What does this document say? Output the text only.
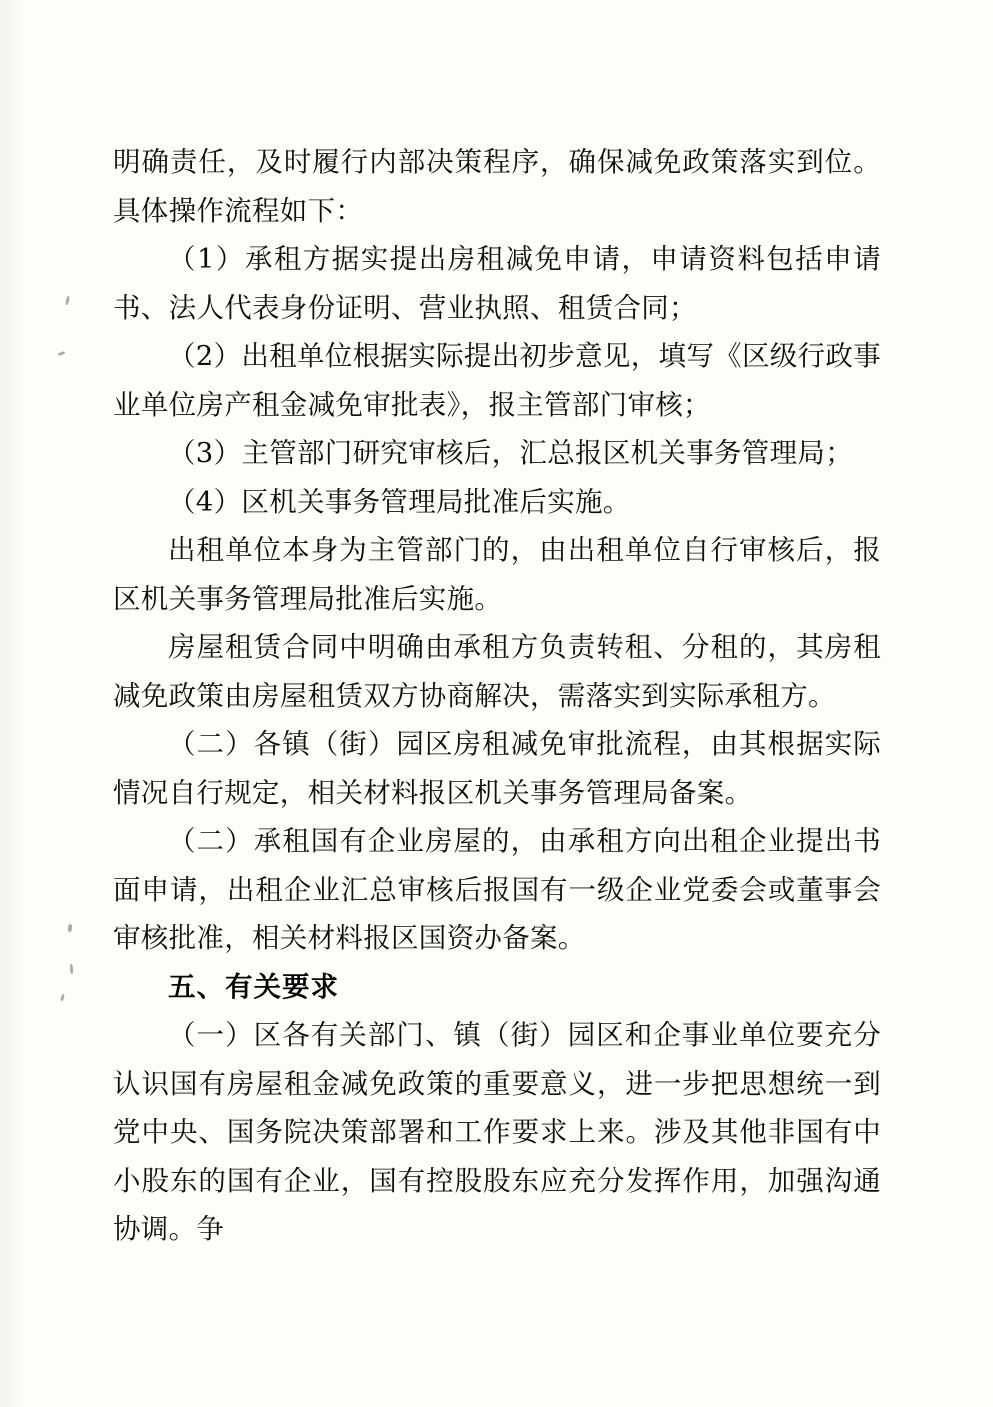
明确责任，及时履行内部决策程序，确保减免政策落实到位。具体操作流程如下：

（1）承租方据实提出房租减免申请，申请资料包括申请书、法人代表身份证明、营业执照、租赁合同；

（2）出租单位根据实际提出初步意见，填写《区级行政事业单位房产租金减免审批表》，报主管部门审核；

（3）主管部门研究审核后，汇总报区机关事务管理局；

（4）区机关事务管理局批准后实施。

出租单位本身为主管部门的，由出租单位自行审核后，报区机关事务管理局批准后实施。

房屋租赁合同中明确由承租方负责转租、分租的，其房租减免政策由房屋租赁双方协商解决，需落实到实际承租方。

（二）各镇（街）园区房租减免审批流程，由其根据实际情况自行规定，相关材料报区机关事务管理局备案。

（二）承租国有企业房屋的，由承租方向出租企业提出书面申请，出租企业汇总审核后报国有一级企业党委会或董事会审核批准，相关材料报区国资办备案。

五、有关要求

（一）区各有关部门、镇（街）园区和企事业单位要充分认识国有房屋租金减免政策的重要意义，进一步把思想统一到党中央、国务院决策部署和工作要求上来。涉及其他非国有中小股东的国有企业，国有控股股东应充分发挥作用，加强沟通协调。争
